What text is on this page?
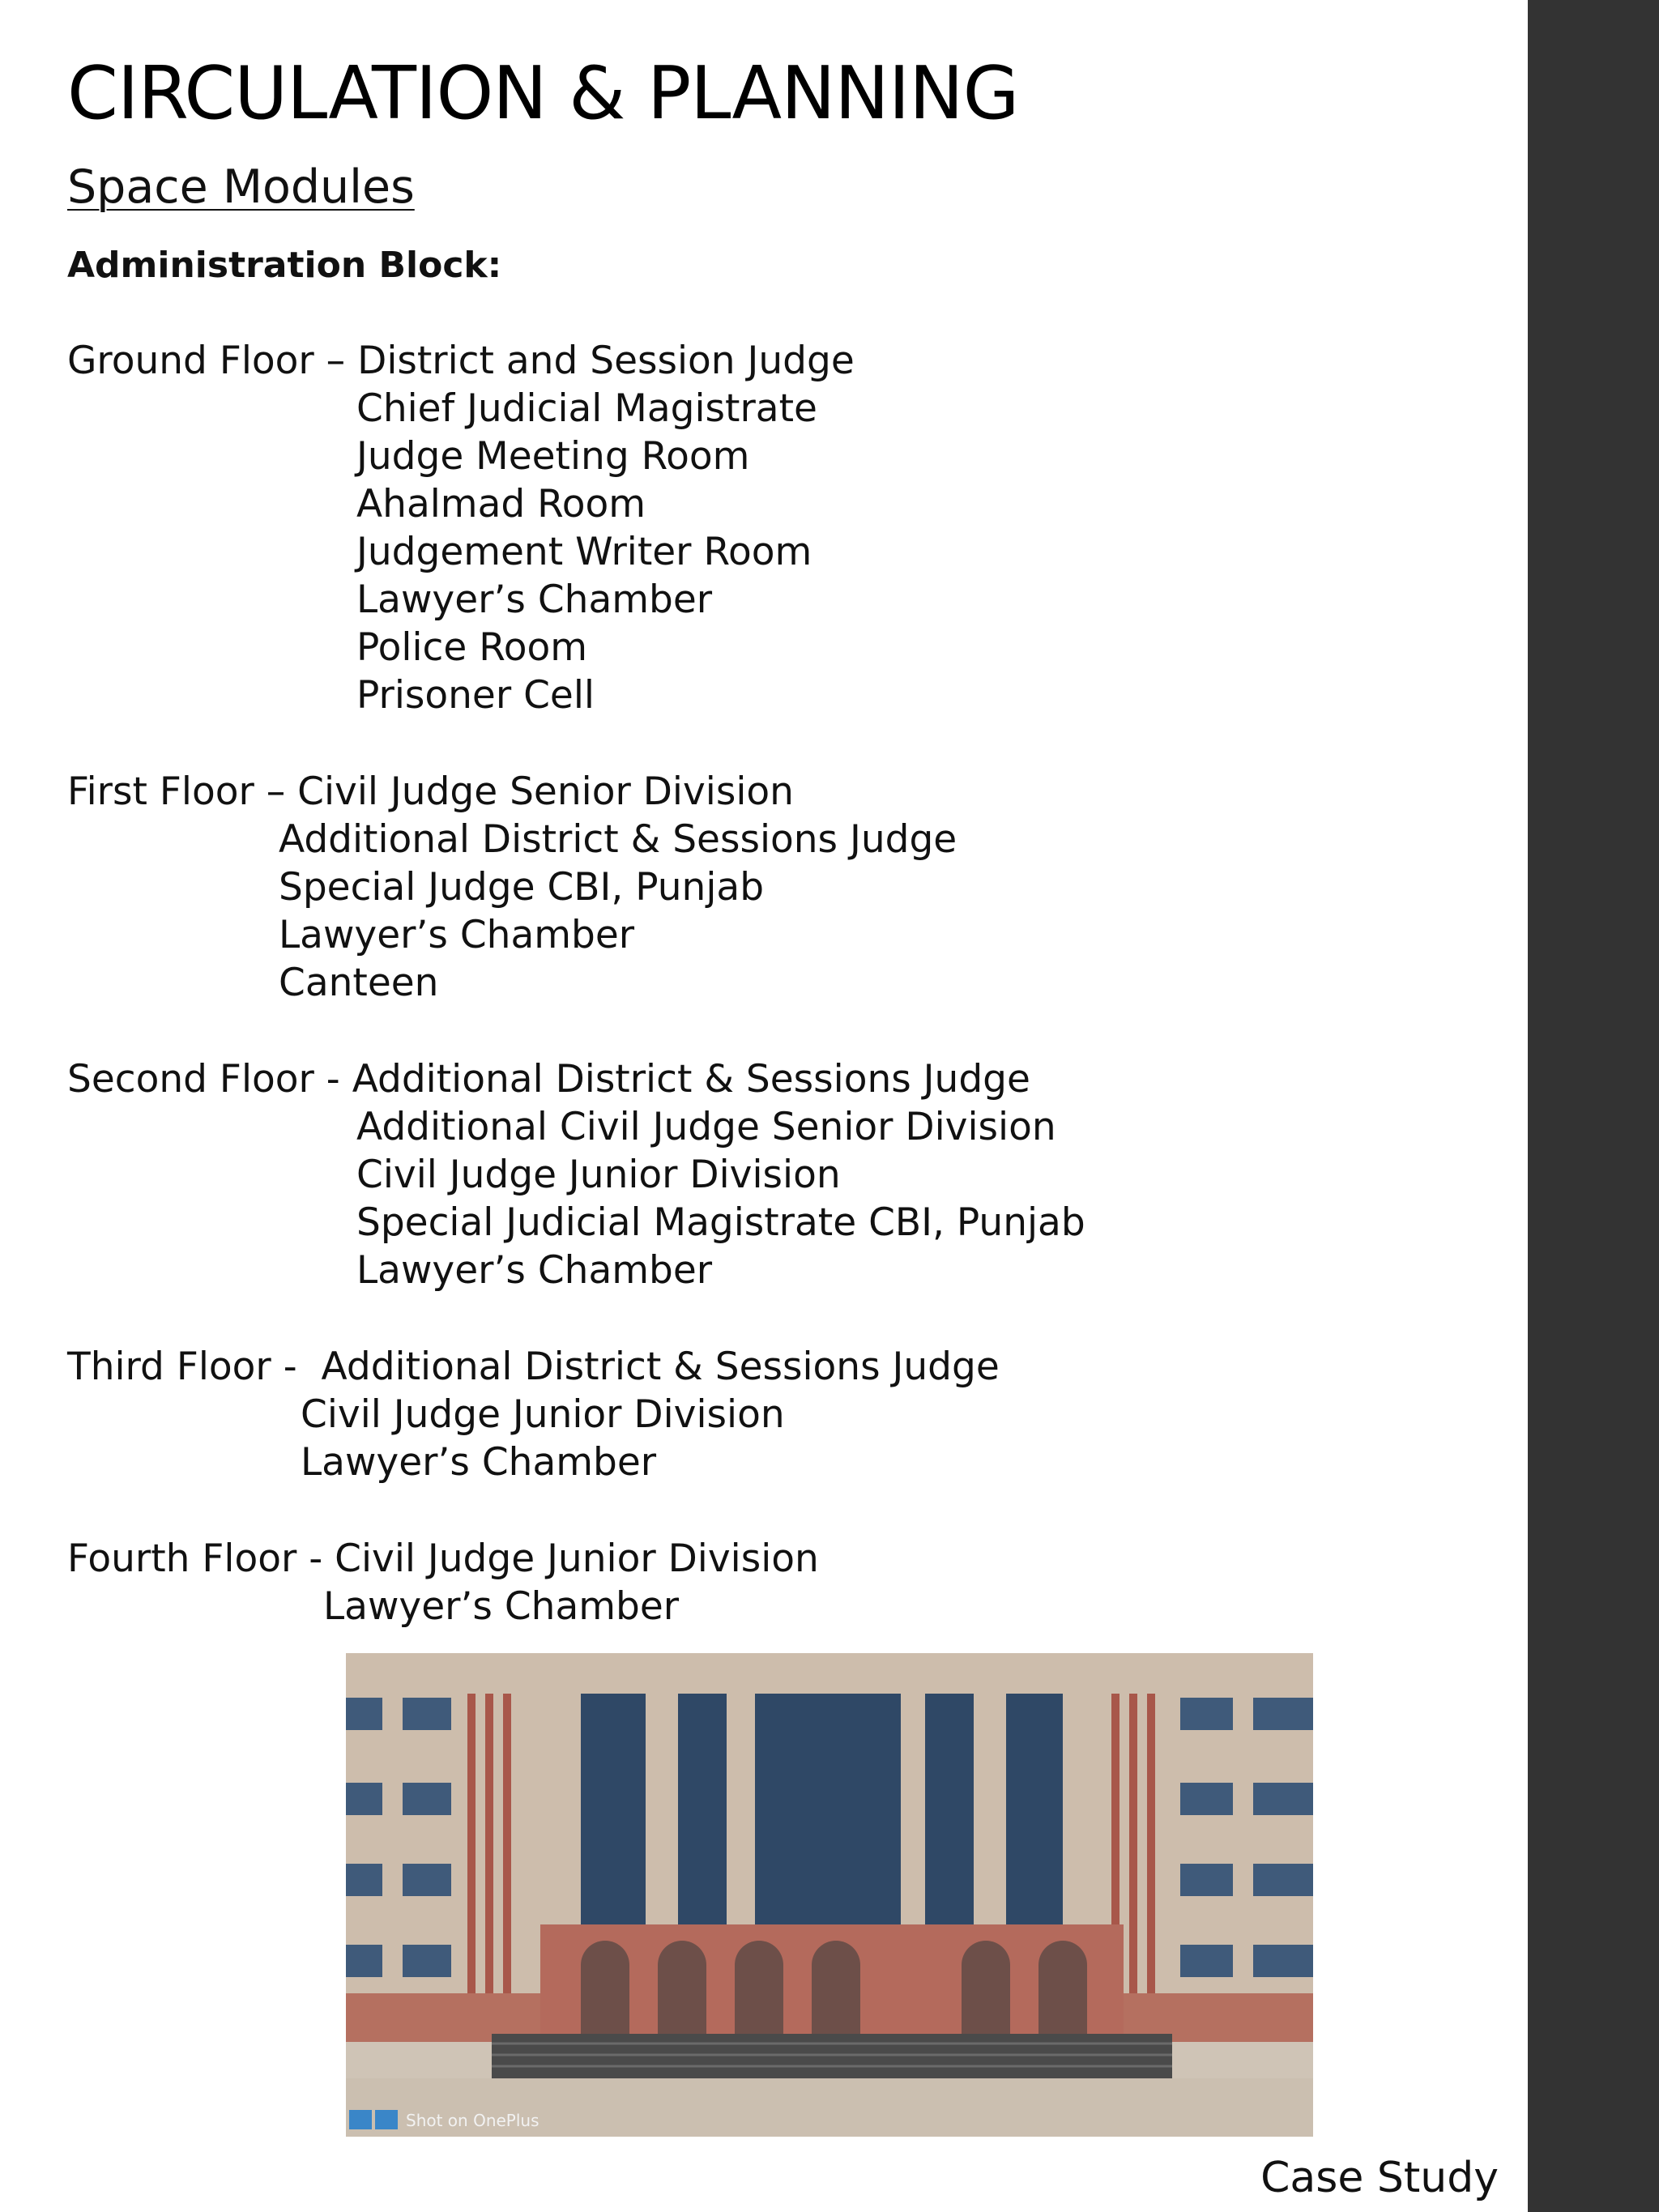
CIRCULATION & PLANNING
Space Modules
Administration Block:
Ground Floor – District and Session Judge
Chief Judicial Magistrate
Judge Meeting Room
Ahalmad Room
Judgement Writer Room
Lawyer’s Chamber
Police Room
Prisoner Cell
First Floor – Civil Judge Senior Division
Additional District & Sessions Judge
Special Judge CBI, Punjab
Lawyer’s Chamber
Canteen
Second Floor - Additional District & Sessions Judge
Additional Civil Judge Senior Division
Civil Judge Junior Division
Special Judicial Magistrate CBI, Punjab
Lawyer’s Chamber
Third Floor -  Additional District & Sessions Judge
Civil Judge Junior Division
Lawyer’s Chamber
Fourth Floor - Civil Judge Junior Division
Lawyer’s Chamber
Shot on OnePlus
Case Study
